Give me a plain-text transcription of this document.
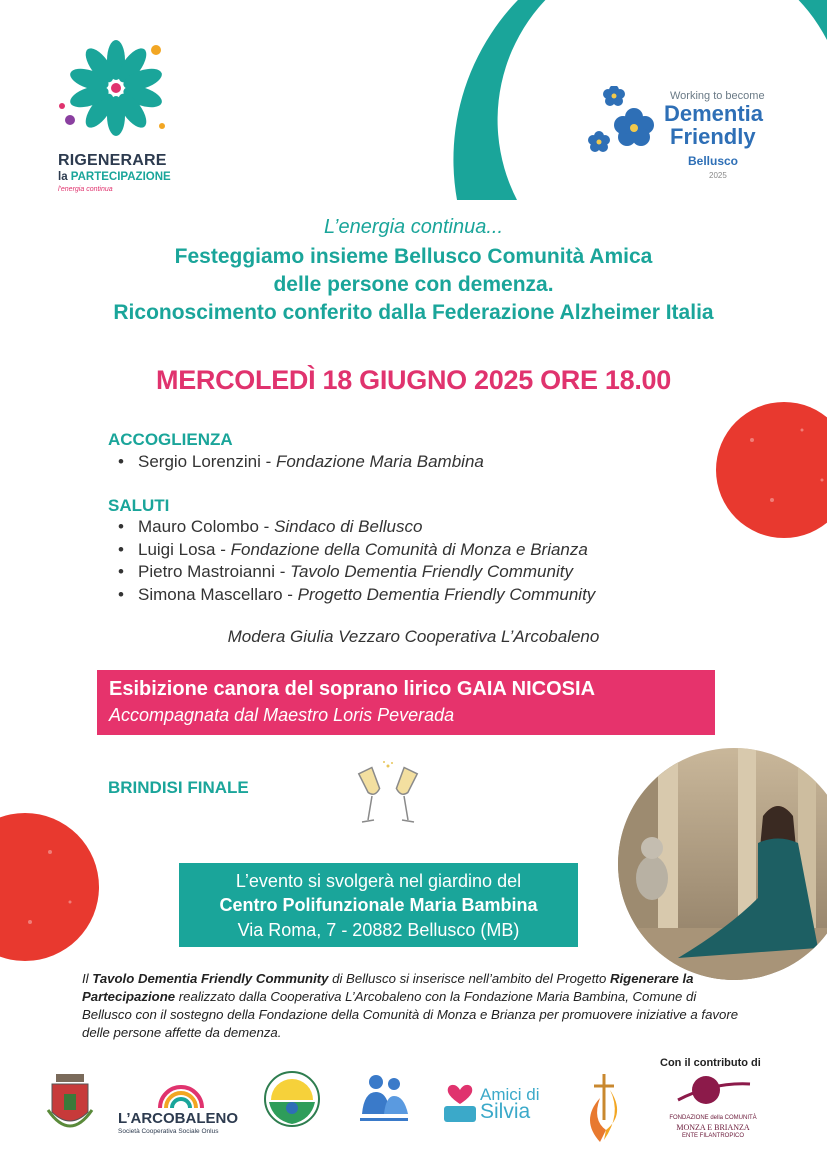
RIGENERARE
la PARTECIPAZIONE
l'energia continua
Working to become
Dementia
Friendly
Bellusco
2025
L’energia continua...
Festeggiamo insieme Bellusco Comunità Amica
delle persone con demenza.
Riconoscimento conferito dalla Federazione Alzheimer Italia
MERCOLEDÌ 18 GIUGNO 2025 ORE 18.00
ACCOGLIENZA
• Sergio Lorenzini - Fondazione Maria Bambina
SALUTI
• Mauro Colombo - Sindaco di Bellusco
• Luigi Losa - Fondazione della Comunità di Monza e Brianza
• Pietro Mastroianni - Tavolo Dementia Friendly Community
• Simona Mascellaro - Progetto Dementia Friendly Community
Modera Giulia Vezzaro Cooperativa L’Arcobaleno
Esibizione canora del soprano lirico GAIA NICOSIA
Accompagnata dal Maestro Loris Peverada
BRINDISI FINALE
L’evento si svolgerà nel giardino del
Centro Polifunzionale Maria Bambina
Via Roma, 7 - 20882 Bellusco (MB)
Il Tavolo Dementia Friendly Community di Bellusco si inserisce nell’ambito del Progetto Rigenerare la Partecipazione realizzato dalla Cooperativa L’Arcobaleno con la Fondazione Maria Bambina, Comune di Bellusco con il sostegno della Fondazione della Comunità di Monza e Brianza per promuovere iniziative a favore delle persone affette da demenza.
Con il contributo di
L’ARCOBALENO
Società Cooperativa Sociale Onlus
Amici di
Silvia	FONDAZIONE della COMUNITÀ
MONZA E BRIANZA
ENTE FILANTROPICO
